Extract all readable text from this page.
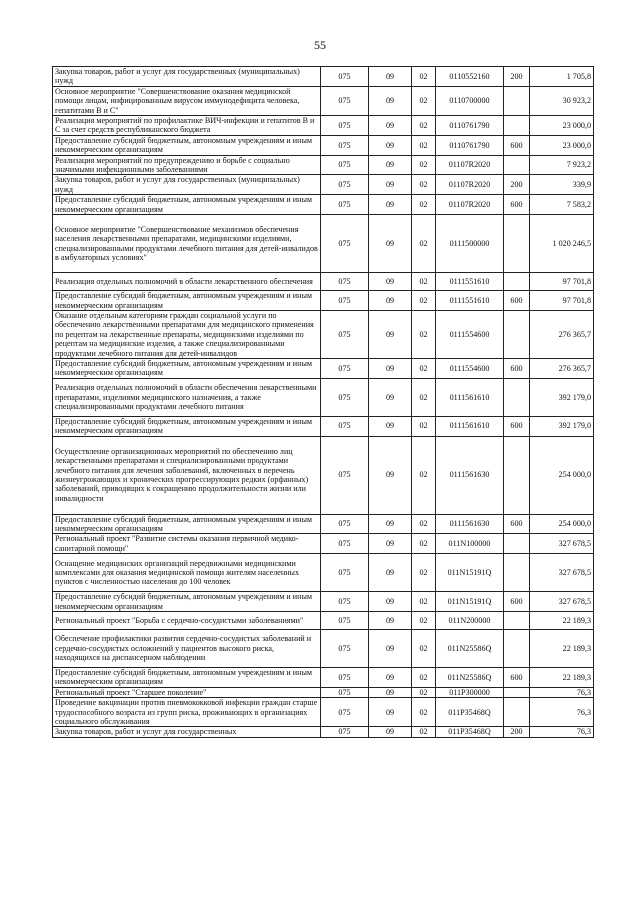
55
Закупка товаров, работ и услуг для государственных (муниципальных) нужд	075	09	02	0110552160	200	1 705,8
Основное мероприятие "Совершенствование оказания медицинской помощи лицам, инфицированным вирусом иммунодефицита человека, гепатитами В и С"	075	09	02	0110700000		30 923,2
Реализация мероприятий по профилактике ВИЧ-инфекции и гепатитов В и С за счет средств республиканского бюджета	075	09	02	0110761790		23 000,0
Предоставление субсидий бюджетным, автономным учреждениям и иным некоммерческим организациям	075	09	02	0110761790	600	23 000,0
Реализация мероприятий по предупреждению и борьбе с социально значимыми инфекционными заболеваниями	075	09	02	01107R2020		7 923,2
Закупка товаров, работ и услуг для государственных (муниципальных) нужд	075	09	02	01107R2020	200	339,9
Предоставление субсидий бюджетным, автономным учреждениям и иным некоммерческим организациям	075	09	02	01107R2020	600	7 583,2
Основное мероприятие "Совершенствование механизмов обеспечения населения лекарственными препаратами, медицинскими изделиями, специализированными продуктами лечебного питания для детей-инвалидов в амбулаторных условиях"	075	09	02	0111500000		1 020 246,5
Реализация отдельных полномочий в области лекарственного обеспечения	075	09	02	0111551610		97 701,8
Предоставление субсидий бюджетным, автономным учреждениям и иным некоммерческим организациям	075	09	02	0111551610	600	97 701,8
Оказание отдельным категориям граждан социальной услуги по обеспечению лекарственными препаратами для медицинского применения по рецептам на лекарственные препараты, медицинскими изделиями по рецептам на медицинские изделия, а также специализированными продуктами лечебного питания для детей-инвалидов	075	09	02	0111554600		276 365,7
Предоставление субсидий бюджетным, автономным учреждениям и иным некоммерческим организациям	075	09	02	0111554600	600	276 365,7
Реализация отдельных полномочий в области обеспечения лекарственными препаратами, изделиями медицинского назначения, а также специализированными продуктами лечебного питания	075	09	02	0111561610		392 179,0
Предоставление субсидий бюджетным, автономным учреждениям и иным некоммерческим организациям	075	09	02	0111561610	600	392 179,0
Осуществление организационных мероприятий по обеспечению лиц лекарственными препаратами и специализированными продуктами лечебного питания для лечения заболеваний, включенных в перечень жизнеугрожающих и хронических прогрессирующих редких (орфанных) заболеваний, приводящих к сокращению продолжительности жизни или инвалидности	075	09	02	0111561630		254 000,0
Предоставление субсидий бюджетным, автономным учреждениям и иным некоммерческим организациям	075	09	02	0111561630	600	254 000,0
Региональный проект "Развитие системы оказания первичной медико-санитарной помощи"	075	09	02	011N100000		327 678,5
Оснащение медицинских организаций передвижными медицинскими комплексами для оказания медицинской помощи жителям населенных пунктов с численностью населения до 100 человек	075	09	02	011N15191Q		327 678,5
Предоставление субсидий бюджетным, автономным учреждениям и иным некоммерческим организациям	075	09	02	011N15191Q	600	327 678,5
Региональный проект "Борьба с сердечно-сосудистыми заболеваниями"	075	09	02	011N200000		22 189,3
Обеспечение профилактики развития сердечно-сосудистых заболеваний и сердечно-сосудистых осложнений у пациентов высокого риска, находящихся на диспансерном наблюдении	075	09	02	011N25586Q		22 189,3
Предоставление субсидий бюджетным, автономным учреждениям и иным некоммерческим организациям	075	09	02	011N25586Q	600	22 189,3
Региональный проект "Старшее поколение"	075	09	02	011P300000		76,3
Проведение вакцинации против пневмококковой инфекции граждан старше трудоспособного возраста из групп риска, проживающих в организациях социального обслуживания	075	09	02	011P35468Q		76,3
Закупка товаров, работ и услуг для государственных	075	09	02	011P35468Q	200	76,3
